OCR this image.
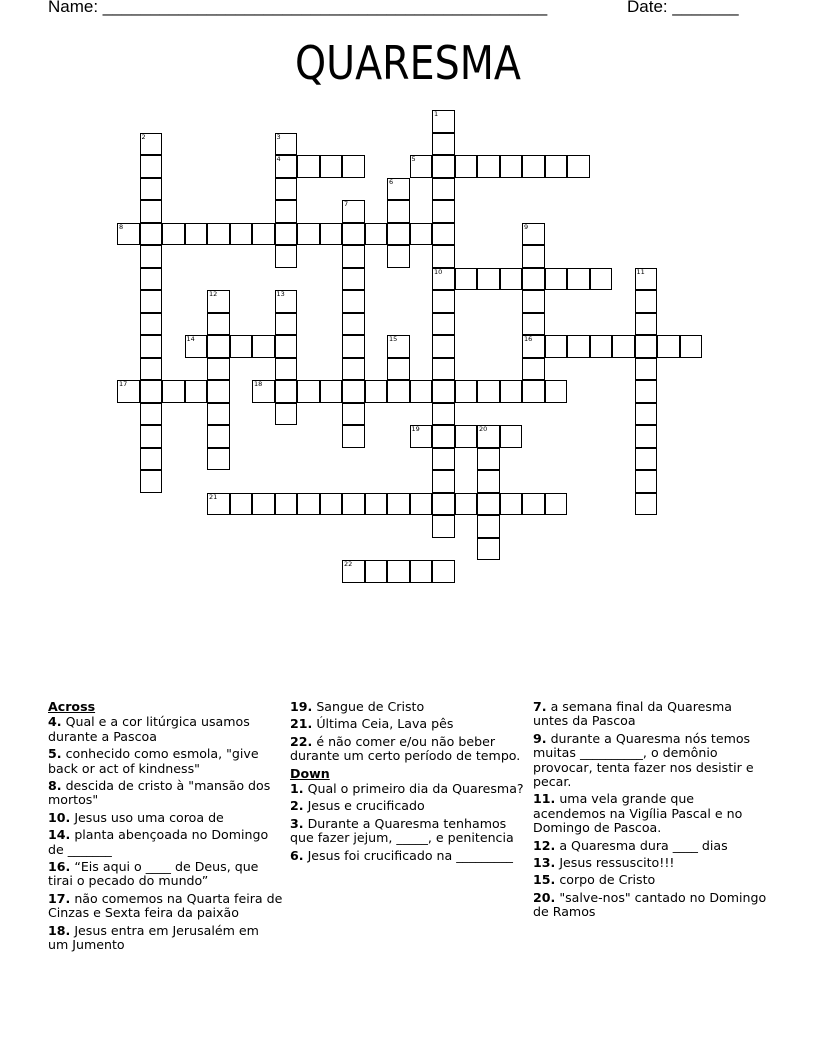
Name: _______________________________________________	Date: _______
QUARESMA
1
10
2	3
4	5
6
7
8	9
16
11
12	13
14	15
17	18
19	20
21
22
Across
4. Qual e a cor litúrgica usamos durante a Pascoa
5. conhecido como esmola, "give back or act of kindness"
8. descida de cristo à "mansão dos mortos"
10. Jesus uso uma coroa de
14. planta abençoada no Domingo de _______
16. “Eis aqui o ____ de Deus, que tirai o pecado do mundo”
17. não comemos na Quarta feira de Cinzas e Sexta feira da paixão
18. Jesus entra em Jerusalém em um Jumento
19. Sangue de Cristo
21. Última Ceia, Lava pês
22. é não comer e/ou não beber durante um certo período de tempo.
Down
1. Qual o primeiro dia da Quaresma?
2. Jesus e crucificado
3. Durante a Quaresma tenhamos que fazer jejum, _____, e penitencia
6. Jesus foi crucificado na _________
7. a semana final da Quaresma untes da Pascoa
9. durante a Quaresma nós temos muitas __________, o demônio provocar, tenta fazer nos desistir e pecar.
11. uma vela grande que acendemos na Vigília Pascal e no Domingo de Pascoa.
12. a Quaresma dura ____ dias
13. Jesus ressuscito!!!
15. corpo de Cristo
20. "salve-nos" cantado no Domingo de Ramos
